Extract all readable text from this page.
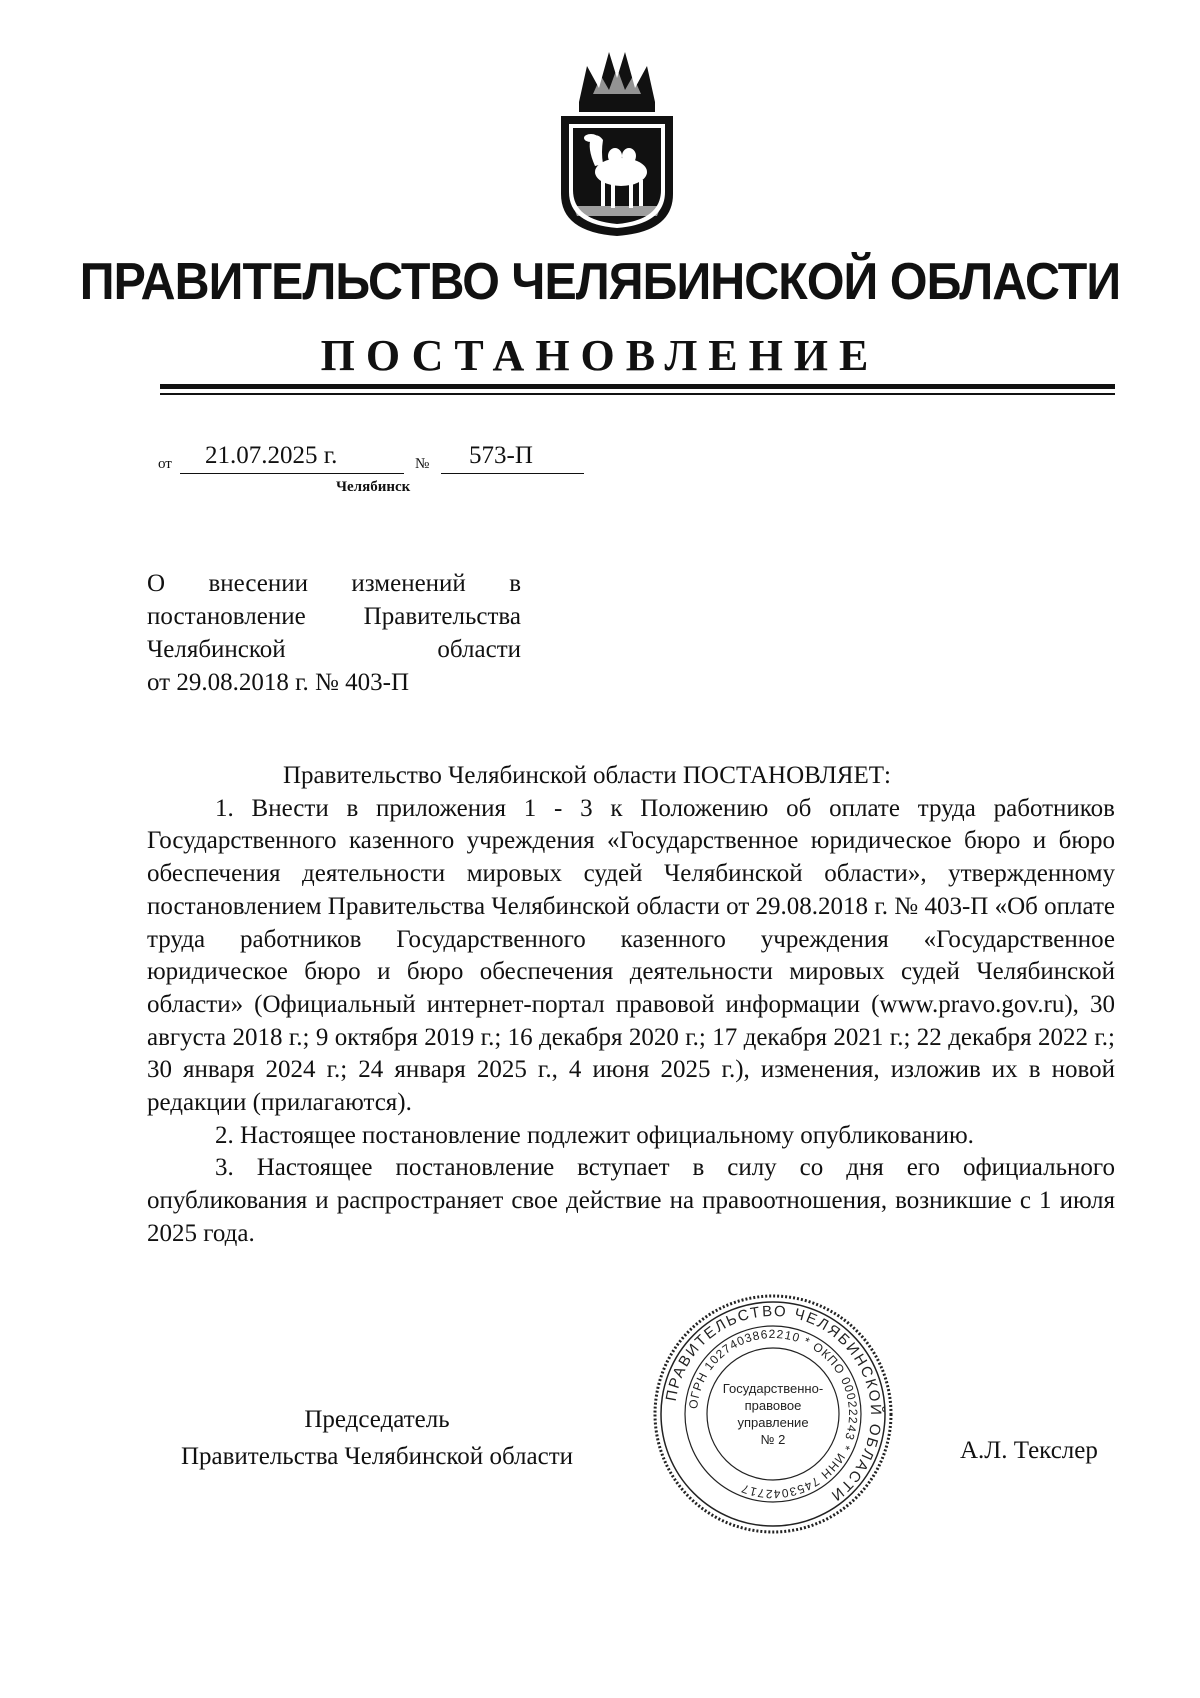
ПРАВИТЕЛЬСТВО ЧЕЛЯБИНСКОЙ ОБЛАСТИ
ПОСТАНОВЛЕНИЕ
от 21.07.2025 г.	№ 573-П
Челябинск
О внесении изменений в
постановление Правительства
Челябинской области
от 29.08.2018 г. № 403-П

Правительство Челябинской области ПОСТАНОВЛЯЕТ:

1. Внести в приложения 1 - 3 к Положению об оплате труда работников Государственного казенного учреждения «Государственное юридическое бюро и бюро обеспечения деятельности мировых судей Челябинской области», утвержденному постановлением Правительства Челябинской области от 29.08.2018 г. № 403-П «Об оплате труда работников Государственного казенного учреждения «Государственное юридическое бюро и бюро обеспечения деятельности мировых судей Челябинской области» (Официальный интернет-портал правовой информации (www.pravo.gov.ru), 30 августа 2018 г.; 9 октября 2019 г.; 16 декабря 2020 г.; 17 декабря 2021 г.; 22 декабря 2022 г.; 30 января 2024 г.; 24 января 2025 г., 4 июня 2025 г.), изменения, изложив их в новой редакции (прилагаются).

2. Настоящее постановление подлежит официальному опубликованию.

3. Настоящее постановление вступает в силу со дня его официального опубликования и распространяет свое действие на правоотношения, возникшие с 1 июля 2025 года.

ПРАВИТЕЛЬСТВО ЧЕЛЯБИНСКОЙ ОБЛАСТИ
ОГРН 1027403862210 * ОКПО 00022243 * ИНН 7453042717
Государственно-
правовое
управление
№ 2
Председатель
Правительства Челябинской области	А.Л. Текслер
